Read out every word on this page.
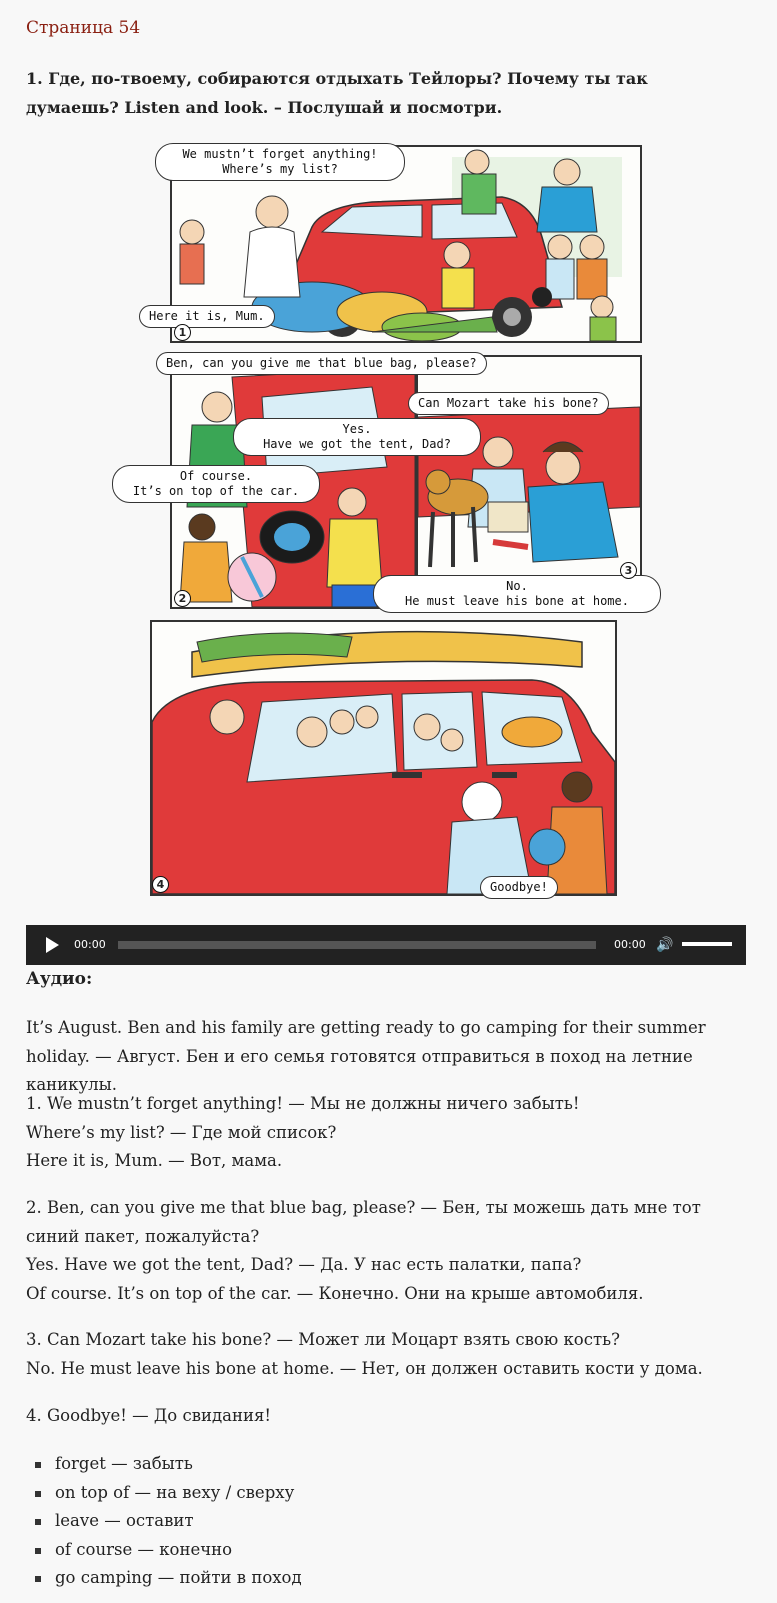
Страница 54

1. Где, по-твоему, собираются отдыхать Тейлоры? Почему ты так думаешь? Listen and look. – Послушай и посмотри.

We mustn’t forget anything!
Where’s my list?
Here it is, Mum.
1
Ben, can you give me that blue bag, please?
Yes.
Have we got the tent, Dad?
Of course.
It’s on top of the car.
2
Can Mozart take his bone?
No.
He must leave his bone at home.
3
Goodbye!
4
00:00	00:00 🔊
Аудио:

It’s August. Ben and his family are getting ready to go camping for their summer holiday. — Август. Бен и его семья готовятся отправиться в поход на летние каникулы.

1. We mustn’t forget anything! — Мы не должны ничего забыть!

Where’s my list? — Где мой список?

Here it is, Mum. — Вот, мама.

2. Ben, can you give me that blue bag, please? — Бен, ты можешь дать мне тот синий пакет, пожалуйста?

Yes. Have we got the tent, Dad? — Да. У нас есть палатки, папа?

Of course. It’s on top of the car. — Конечно. Они на крыше автомобиля.

3. Can Mozart take his bone? — Может ли Моцарт взять свою кость?

No. He must leave his bone at home. — Нет, он должен оставить кости у дома.

4. Goodbye! — До свидания!

forget — забыть
on top of — на веху / сверху
leave — оставит
of course — конечно
go camping — пойти в поход
